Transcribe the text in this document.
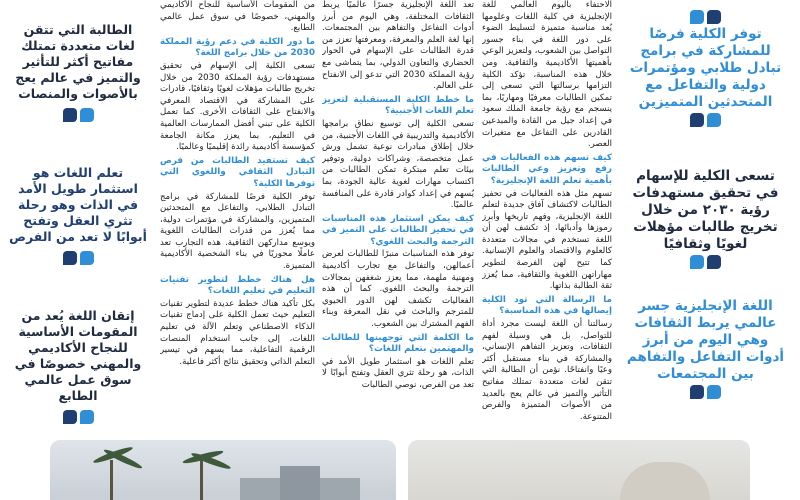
توفر الكلية فرصًا للمشاركة في برامج تبادل طلابي ومؤتمرات دولية والتفاعل مع المتحدثين المتميزين
تسعى الكلية للإسهام في تحقيق مستهدفات رؤية ٢٠٣٠ من خلال تخريج طالبات مؤهلات لغويًا وثقافيًا
اللغة الإنجليزية جسر عالمي يربط الثقافات وهي اليوم من أبرز أدوات التفاعل والتفاهم بين المجتمعات

الاحتفاء باليوم العالمي للغة الإنجليزية في كلية اللغات وعلومها يُعد مناسبة متميزة لتسليط الضوء على دور اللغة في بناء جسور التواصل بين الشعوب، ولتعزيز الوعي بأهميتها الأكاديمية والثقافية. ومن خلال هذه المناسبة، تؤكد الكلية التزامها برسالتها التي تسعى إلى تمكين الطالبات معرفيًا ومهاريًا، بما ينسجم مع رؤية جامعة الملك سعود في إعداد جيل من القادة والمبدعين القادرين على التفاعل مع متغيرات العصر.

كيف تسهم هذه الفعاليات في رفع وتعزيز وعي الطالبات بأهمية تعلم اللغة الإنجليزية؟

تسهم مثل هذه الفعاليات في تحفيز الطالبات لاكتشاف آفاق جديدة لتعلم اللغة الإنجليزية، وفهم تاريخها وأبرز رموزها وأدبائها، إذ تكشف لهن أن اللغة تستخدم في مجالات متعددة كالعلوم والاقتصاد والعلوم الإنسانية. كما تتيح لهن الفرصة لتطوير مهاراتهن اللغوية والثقافية، مما يُعزز ثقة الطالبة بذاتها.

ما الرسالة التي تود الكلية إيصالها في هذه المناسبة؟

رسالتنا أن اللغة ليست مجرد أداة للتواصل، بل هي وسيلة لفهم الثقافات، وتعزيز التفاهم الإنساني، والمشاركة في بناء مستقبل أكثر وعيًا وانفتاحًا. نؤمن أن الطالبة التي تتقن لغات متعددة تمتلك مفاتيح التأثير والتميز في عالم يعج بالعديد من الأصوات المتميزة والفرص المتنوعة.

تعد اللغة الإنجليزية جسرًا عالميًا يربط الثقافات المختلفة، وهي اليوم من أبرز أدوات التفاعل والتفاهم بين المجتمعات. إنها لغة العلم والمعرفة، ومعرفتها تعزز من قدرة الطالبات على الإسهام في الحوار الحضاري والتعاون الدولي، بما يتماشى مع رؤية المملكة 2030 التي تدعو إلى الانفتاح على العالم.

ما خطط الكلية المستقبلية لتعزيز تعلم اللغات الأجنبية؟

تسعى الكلية إلى توسيع نطاق برامجها الأكاديمية والتدريبية في اللغات الأجنبية، من خلال إطلاق مبادرات نوعية تشمل ورش عمل متخصصة، وشراكات دولية، وتوفير بيئات تعلم مبتكرة تمكن الطالبات من اكتساب مهارات لغوية عالية الجودة، بما يُسهم في إعداد كوادر قادرة على المنافسة عالميًا.

كيف يمكن استثمار هذه المناسبات في تحفيز الطالبات على التميز في الترجمة والبحث اللغوي؟

توفر هذه المناسبات منبرًا للطالبات لعرض أعمالهن، والتفاعل مع تجارب أكاديمية ومهنية ملهمة، مما يعزز شغفهن بمجالات الترجمة والبحث اللغوي. كما أن هذه الفعاليات تكشف لهن الدور الحيوي للمترجم والباحث في نقل المعرفة وبناء الفهم المشترك بين الشعوب.

ما الكلمة التي توجهينها للطالبات والمهتمين بتعلم اللغات؟

تعلم اللغات هو استثمار طويل الأمد في الذات، هو رحلة تثري العقل وتفتح أبوابًا لا تعد من الفرص، نوصي الطالبات

من المقومات الأساسية للنجاح الأكاديمي والمهني، خصوصًا في سوق عمل عالمي الطابع.

ما دور الكلية في دعم رؤية المملكة 2030 من خلال برامج اللغة؟

تسعى الكلية إلى الإسهام في تحقيق مستهدفات رؤية المملكة 2030 من خلال تخريج طالبات مؤهلات لغويًا وثقافيًا، قادرات على المشاركة في الاقتصاد المعرفي والانفتاح على الثقافات الأخرى. كما تعمل الكلية على تبني أفضل الممارسات العالمية في التعليم، بما يعزز مكانة الجامعة كمؤسسة أكاديمية رائدة إقليميًا وعالميًا.

كيف تستفيد الطالبات من فرص التبادل الثقافي واللغوي التي توفرها الكلية؟

توفر الكلية فرصًا للمشاركة في برامج التبادل الطلابي، والتفاعل مع المتحدثين المتميزين، والمشاركة في مؤتمرات دولية، مما يُعزز من قدرات الطالبات اللغوية ويوسع مداركهن الثقافية. هذه التجارب تعد عاملًا محوريًا في بناء الشخصية الأكاديمية المتميزة.

هل هناك خطط لتطوير تقنيات التعليم في تعليم اللغات؟

بكل تأكيد هناك خطط عديدة لتطوير تقنيات التعليم حيث تعمل الكلية على إدماج تقنيات الذكاء الاصطناعي وتعلم الآلة في تعليم اللغات، إلى جانب استخدام المنصات الرقمية التفاعلية، مما يسهم في تيسير التعلم الذاتي وتحقيق نتائج أكثر فاعلية.

الطالبة التي تتقن لغات متعددة تمتلك مفاتيح أكثر للتأثير والتميز في عالم يعج بالأصوات والمنصات
تعلم اللغات هو استثمار طويل الأمد في الذات وهو رحلة تثري العقل وتفتح أبوابًا لا تعد من الفرص
إتقان اللغة يُعد من المقومات الأساسية للنجاح الأكاديمي والمهني خصوصًا في سوق عمل عالمي الطابع
